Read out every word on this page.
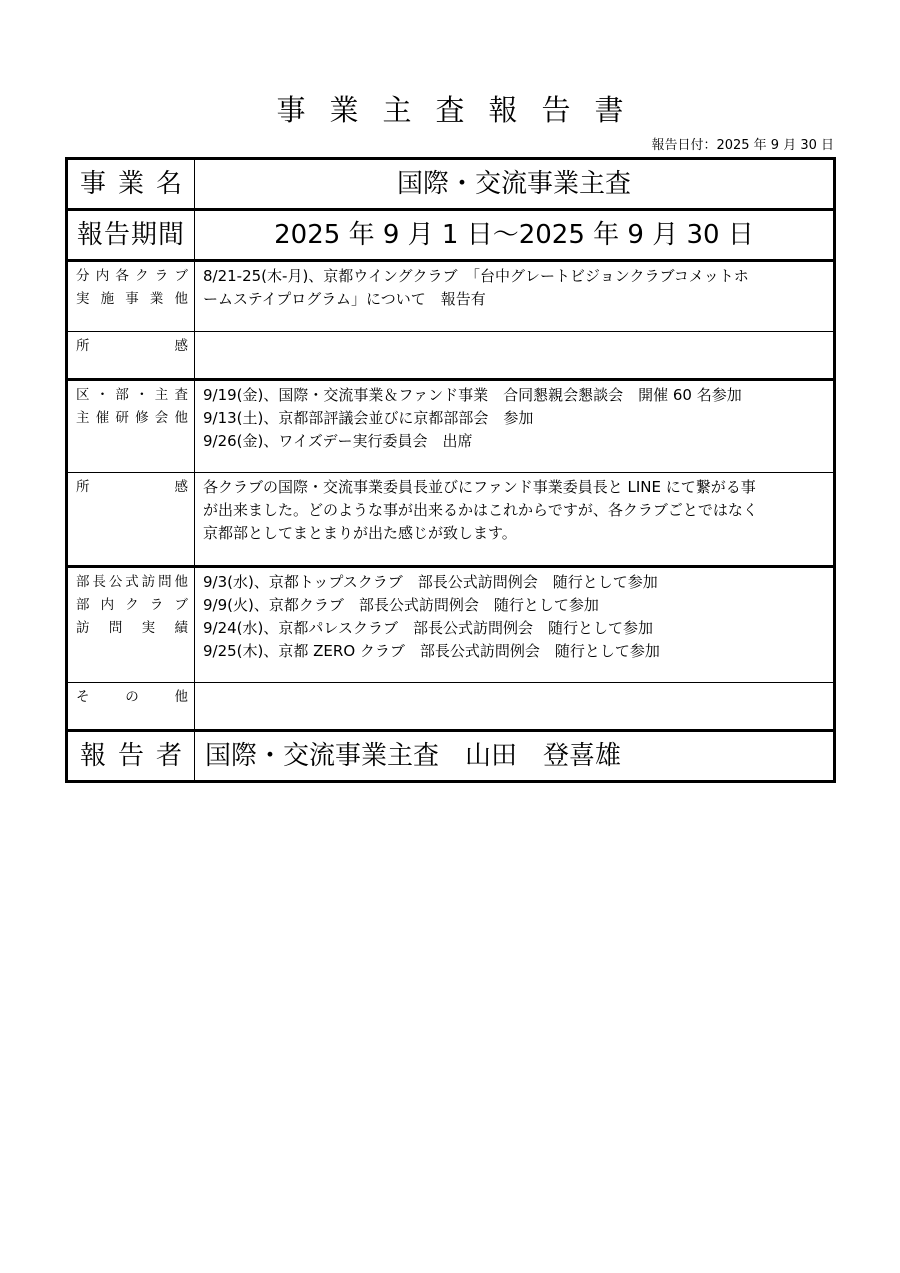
事業主査報告書
報告日付：2025 年 9 月 30 日
事業名	国際・交流事業主査

報告期間	2025 年 9 月 1 日～2025 年 9 月 30 日

分内各クラブ
実施事業他	8/21-25(木-月)、京都ウイングクラブ　「台中グレートビジョンクラブコメットホ
ームステイプログラム」について　報告有

所感	

区・部・主査
主催研修会他	9/19(金)、国際・交流事業＆ファンド事業　合同懇親会懇談会　開催 60 名参加
9/13(土)、京都部評議会並びに京都部部会　参加
9/26(金)、ワイズデー実行委員会　出席

所感	各クラブの国際・交流事業委員長並びにファンド事業委員長と LINE にて繋がる事
が出来ました。どのような事が出来るかはこれからですが、各クラブごとではなく
京都部としてまとまりが出た感じが致します。

部長公式訪問他
部内クラブ
訪問実績	9/3(水)、京都トップスクラブ　部長公式訪問例会　随行として参加
9/9(火)、京都クラブ　部長公式訪問例会　随行として参加
9/24(水)、京都パレスクラブ　部長公式訪問例会　随行として参加
9/25(木)、京都 ZERO クラブ　部長公式訪問例会　随行として参加

その他	

報告者	国際・交流事業主査　山田　登喜雄
